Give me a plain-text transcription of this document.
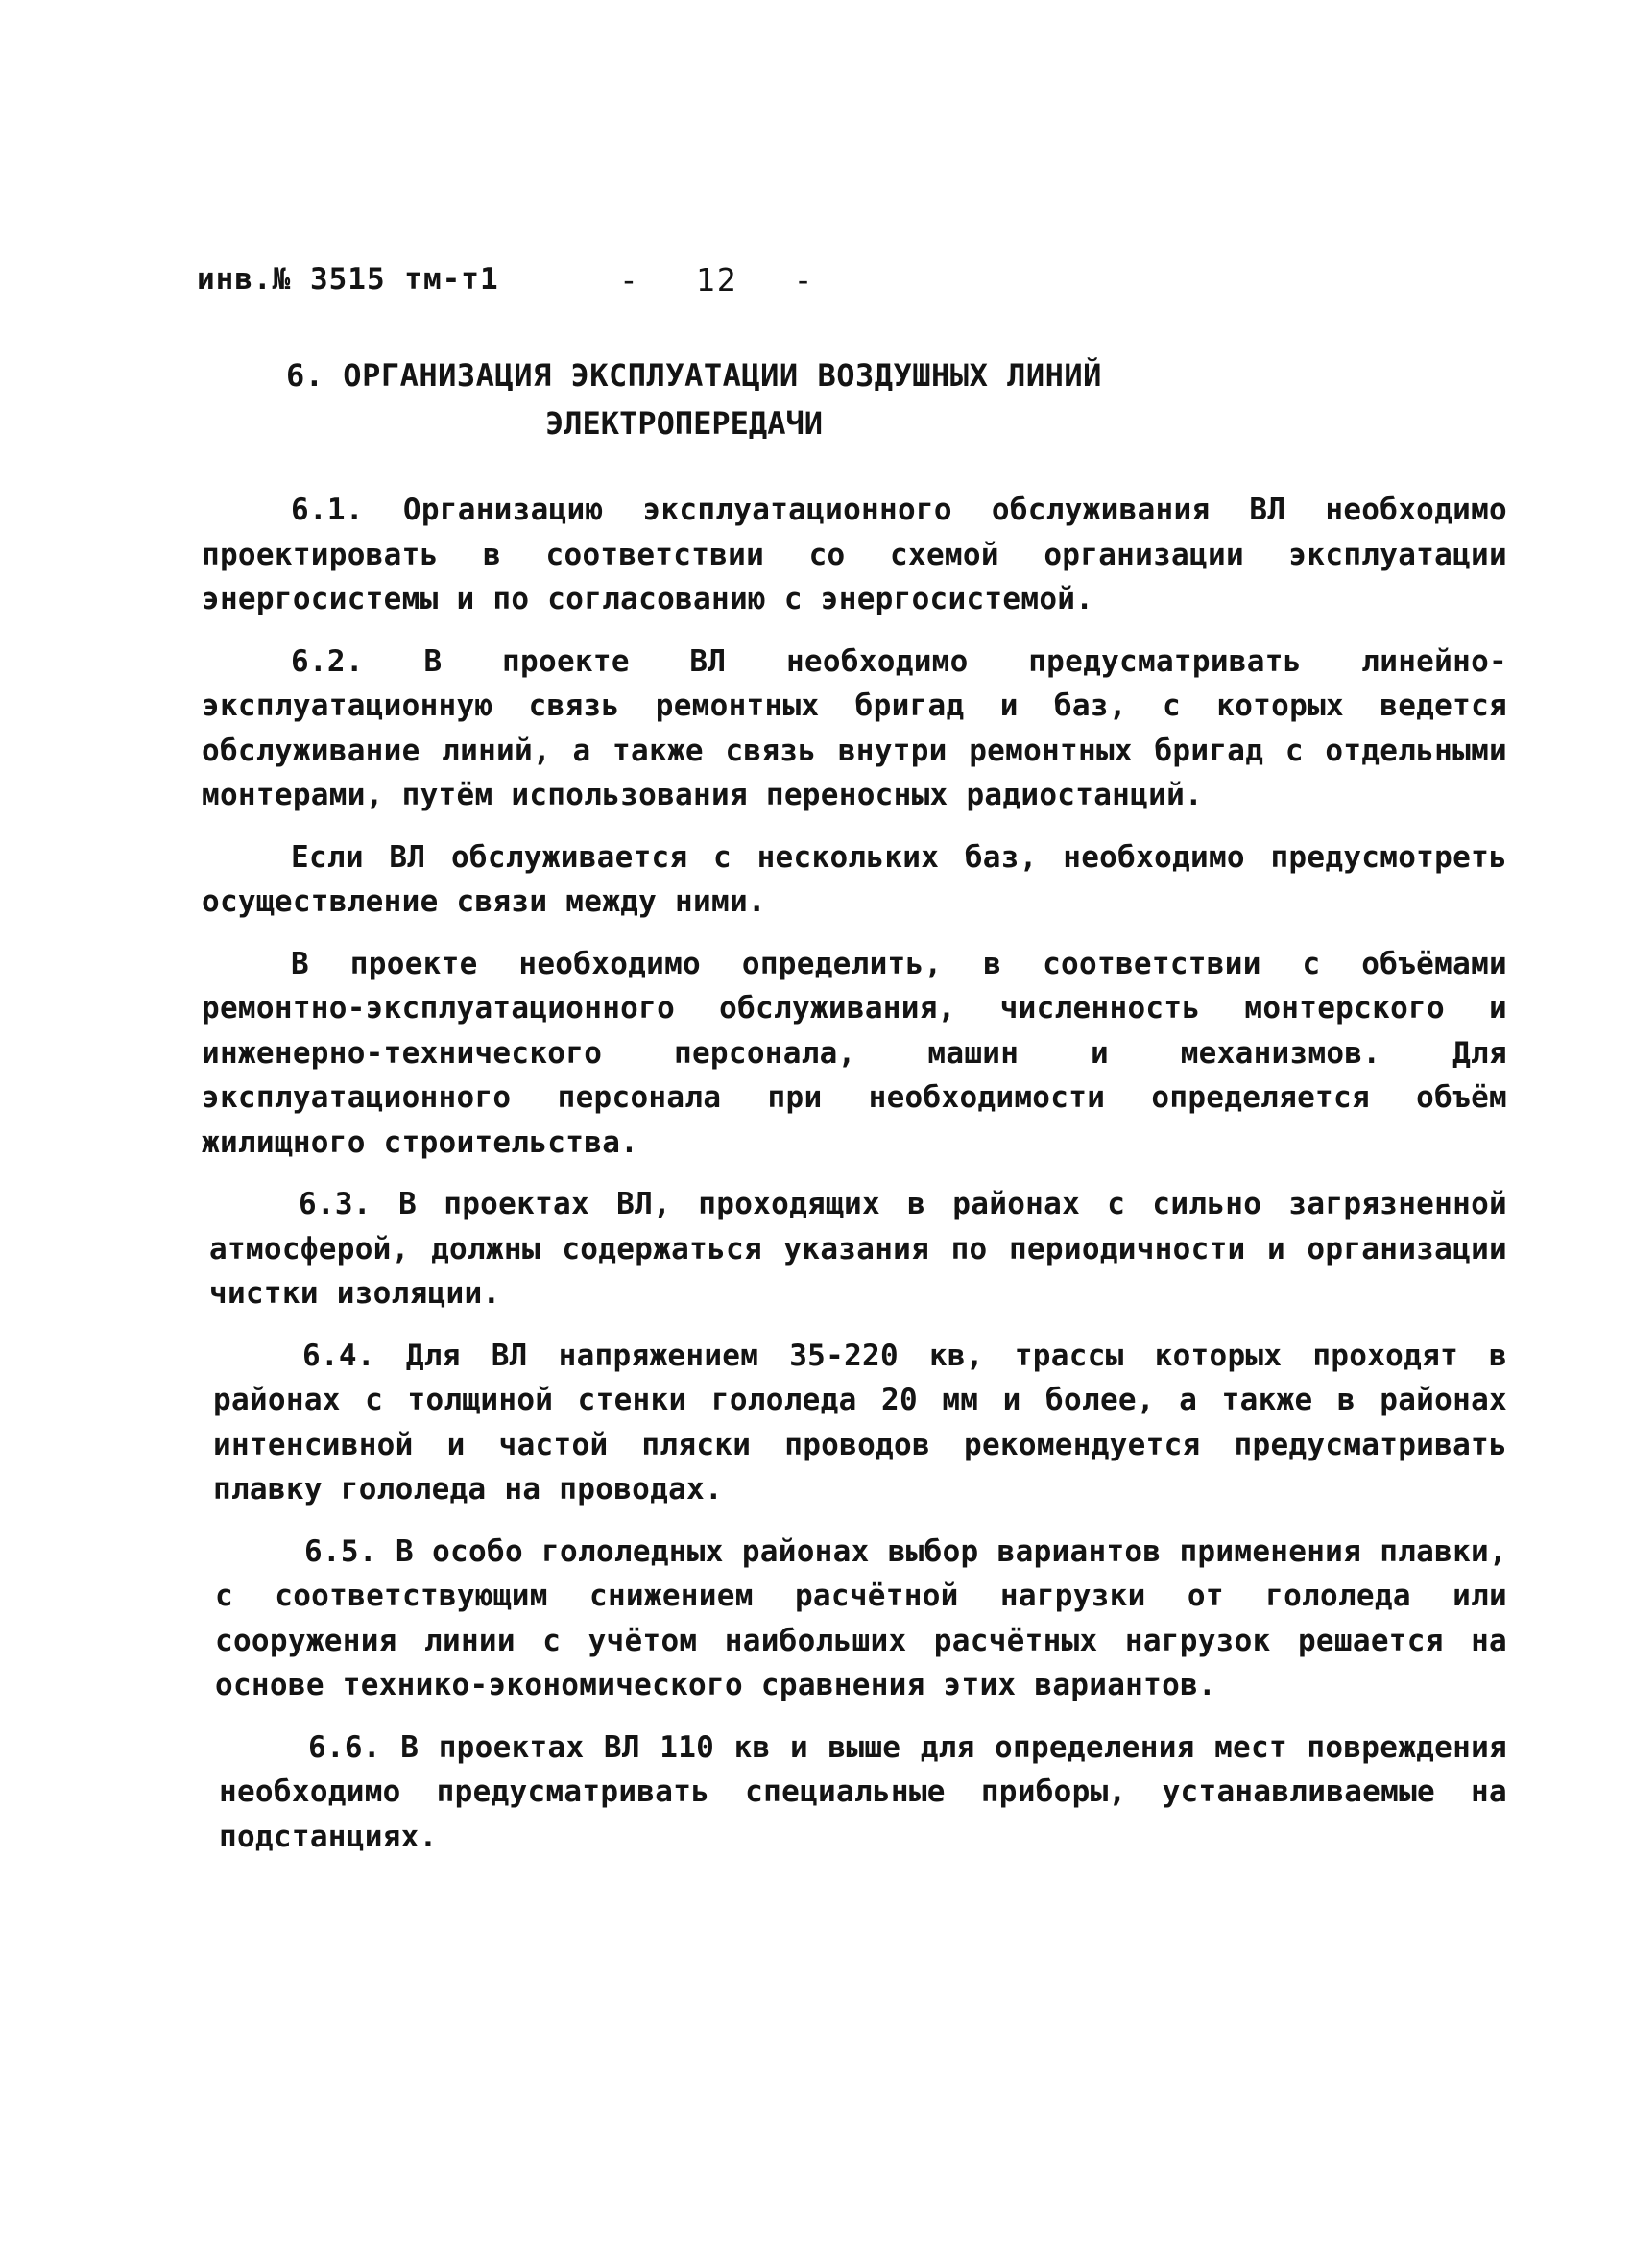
инв.№ 3515 тм-т1	- 12 -
6. ОРГАНИЗАЦИЯ ЭКСПЛУАТАЦИИ ВОЗДУШНЫХ ЛИНИЙ
ЭЛЕКТРОПЕРЕДАЧИ

6.1. Организацию эксплуатационного обслуживания ВЛ необходимо проектировать в соответствии со схемой организации эксплуатации энергосистемы и по согласованию с энергосистемой.

6.2. В проекте ВЛ необходимо предусматривать линейно-эксплуатационную связь ремонтных бригад и баз, с которых ведется обслуживание линий, а также связь внутри ремонтных бригад с отдельными монтерами, путём использования переносных радиостанций.

Если ВЛ обслуживается с нескольких баз, необходимо предусмотреть осуществление связи между ними.

В проекте необходимо определить, в соответствии с объёмами ремонтно-эксплуатационного обслуживания, численность монтерского и инженерно-технического персонала, машин и механизмов. Для эксплуатационного персонала при необходимости определяется объём жилищного строительства.

6.3. В проектах ВЛ, проходящих в районах с сильно загрязненной атмосферой, должны содержаться указания по периодичности и организации чистки изоляции.

6.4. Для ВЛ напряжением 35-220 кв, трассы которых проходят в районах с толщиной стенки гололеда 20 мм и более, а также в районах интенсивной и частой пляски проводов рекомендуется предусматривать плавку гололеда на проводах.

6.5. В особо гололедных районах выбор вариантов применения плавки, с соответствующим снижением расчётной нагрузки от гололеда или сооружения линии с учётом наибольших расчётных нагрузок решается на основе технико-экономического сравнения этих вариантов.

6.6. В проектах ВЛ 110 кв и выше для определения мест повреждения необходимо предусматривать специальные приборы, устанавливаемые на подстанциях.
